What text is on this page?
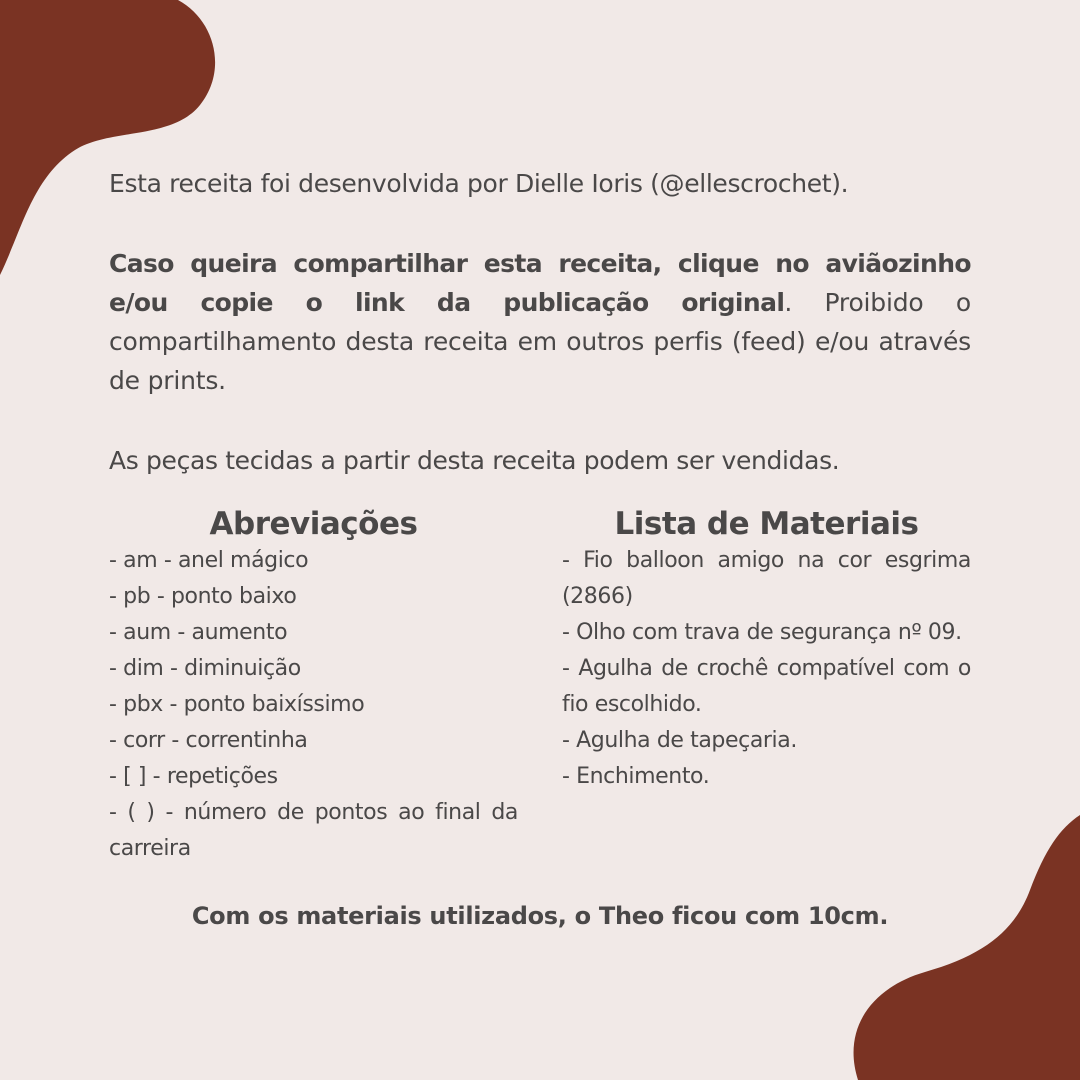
Esta receita foi desenvolvida por Dielle Ioris (@ellescrochet).

Caso queira compartilhar esta receita, clique no aviãozinho e/ou copie o link da publicação original. Proibido o compartilhamento desta receita em outros perfis (feed) e/ou através de prints.

As peças tecidas a partir desta receita podem ser vendidas.

Abreviações
- am - anel mágico
- pb - ponto baixo
- aum - aumento
- dim - diminuição
- pbx - ponto baixíssimo
- corr - correntinha
- [ ] - repetições
- ( ) - número de pontos ao final da carreira
Lista de Materiais
- Fio balloon amigo na cor esgrima (2866)
- Olho com trava de segurança nº 09.
- Agulha de crochê compatível com o fio escolhido.
- Agulha de tapeçaria.
- Enchimento.

Com os materiais utilizados, o Theo ficou com 10cm.
